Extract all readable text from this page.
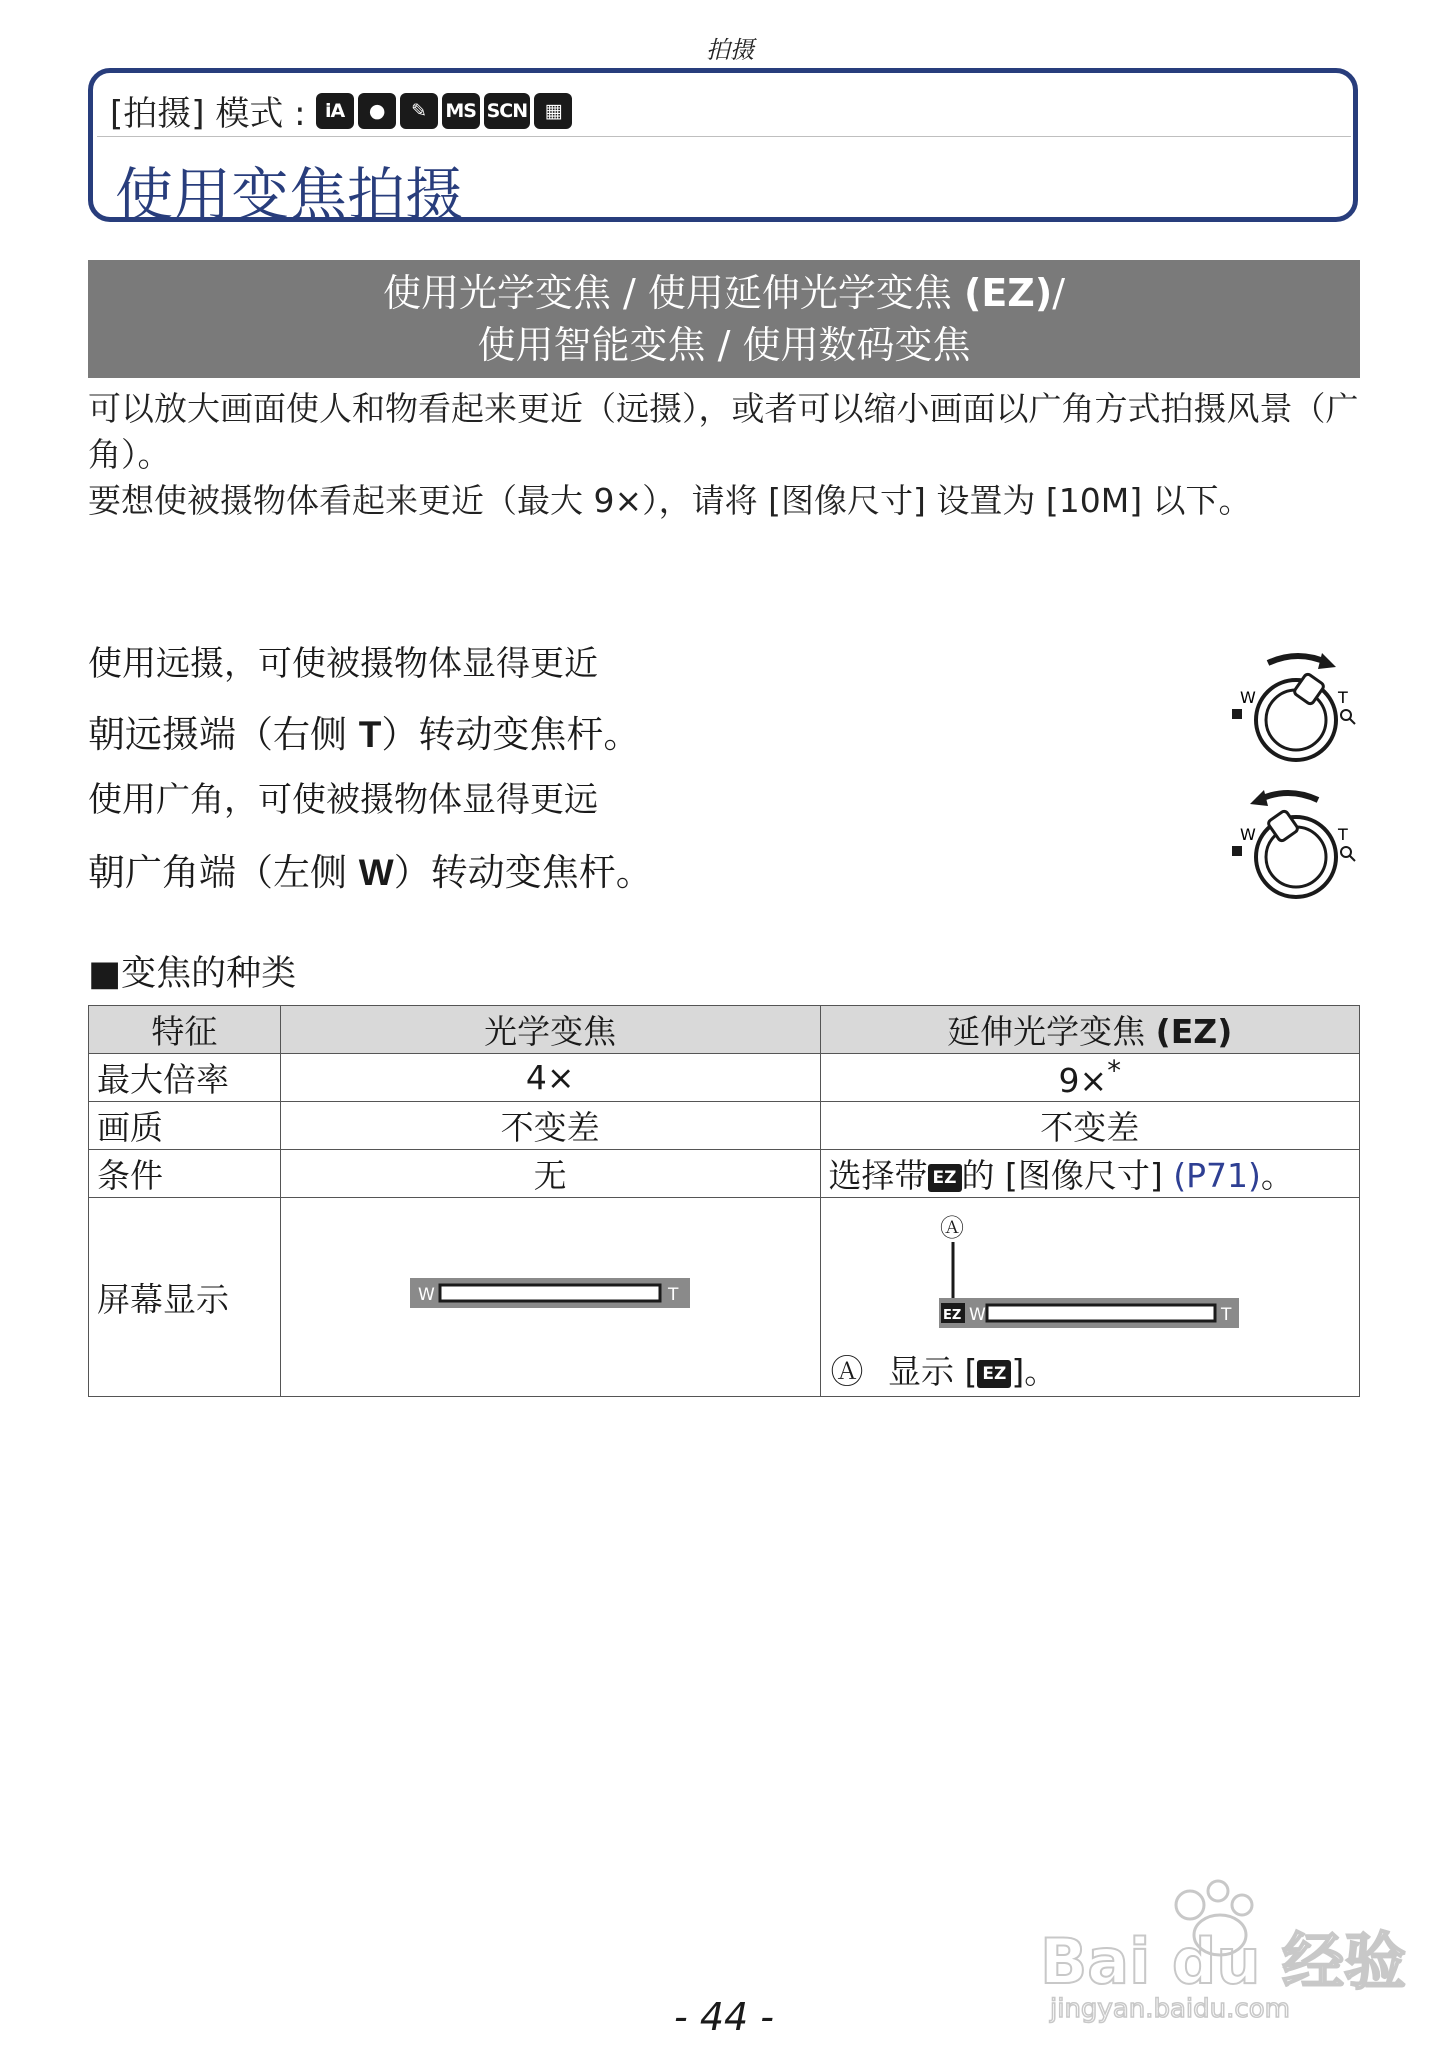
拍摄
[拍摄] 模式 :	iA	●	✎	MS SCN ▦
使用变焦拍摄
使用光学变焦 / 使用延伸光学变焦 (EZ)/
使用智能变焦 / 使用数码变焦
可以放大画面使人和物看起来更近（远摄），或者可以缩小画面以广角方式拍摄风景（广角）。
要想使被摄物体看起来更近（最大 9×），请将 [图像尺寸] 设置为 [10M] 以下。
使用远摄，可使被摄物体显得更近
朝远摄端（右侧 T）转动变焦杆。
使用广角，可使被摄物体显得更远
朝广角端（左侧 W）转动变焦杆。
W	T
W	T
■变焦的种类
特征	光学变焦	延伸光学变焦 (EZ)
最大倍率	4×	9×*
画质	不变差	不变差
条件	无	选择带 EZ 的 [图像尺寸] (P71)。
屏幕显示	W T	Ⓐ
EZ W T
Ⓐ 显示 [ EZ ]。
Bai du 经验
jingyan.baidu.com
- 44 -
